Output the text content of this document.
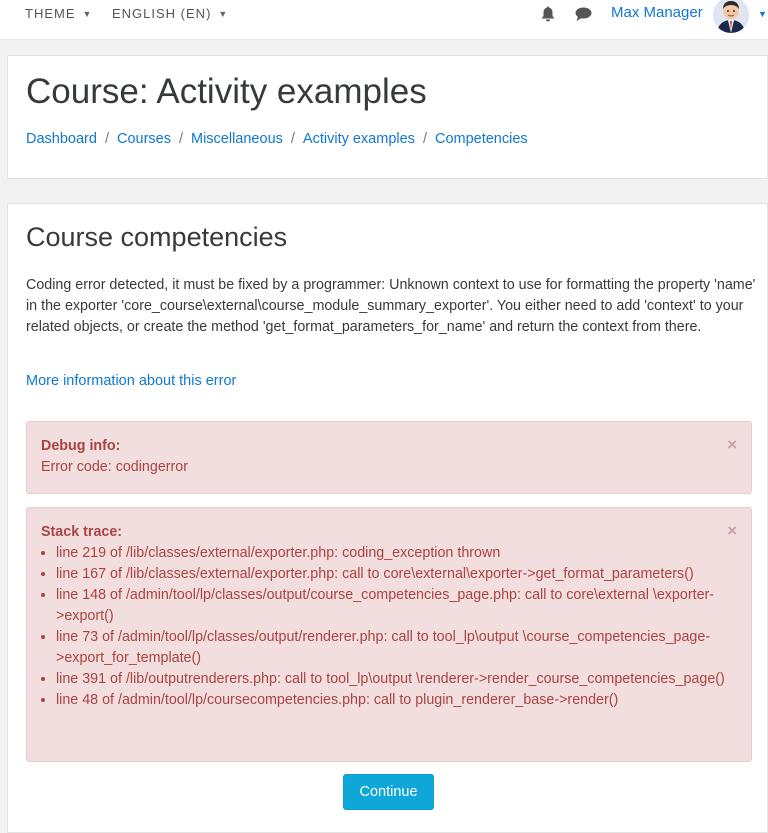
THEME ▼ ENGLISH (EN) ▼	Max Manager	▼
Course: Activity examples
Dashboard / Courses / Miscellaneous / Activity examples / Competencies
Course competencies

Coding error detected, it must be fixed by a programmer: Unknown context to use for formatting the property 'name' in the exporter 'core_course\external\course_module_summary_exporter'. You either need to add 'context' to your related objects, or create the method 'get_format_parameters_for_name' and return the context from there.

More information about this error
Debug info:
Error code: codingerror
×
Stack trace:	×
• line 219 of /lib/classes/external/exporter.php: coding_exception thrown
• line 167 of /lib/classes/external/exporter.php: call to core\external\exporter->get_format_parameters()
• line 148 of /admin/tool/lp/classes/output/course_competencies_page.php: call to core\external \exporter->export()
• line 73 of /admin/tool/lp/classes/output/renderer.php: call to tool_lp\output \course_competencies_page->export_for_template()
• line 391 of /lib/outputrenderers.php: call to tool_lp\output \renderer->render_course_competencies_page()
• line 48 of /admin/tool/lp/coursecompetencies.php: call to plugin_renderer_base->render()
Continue
